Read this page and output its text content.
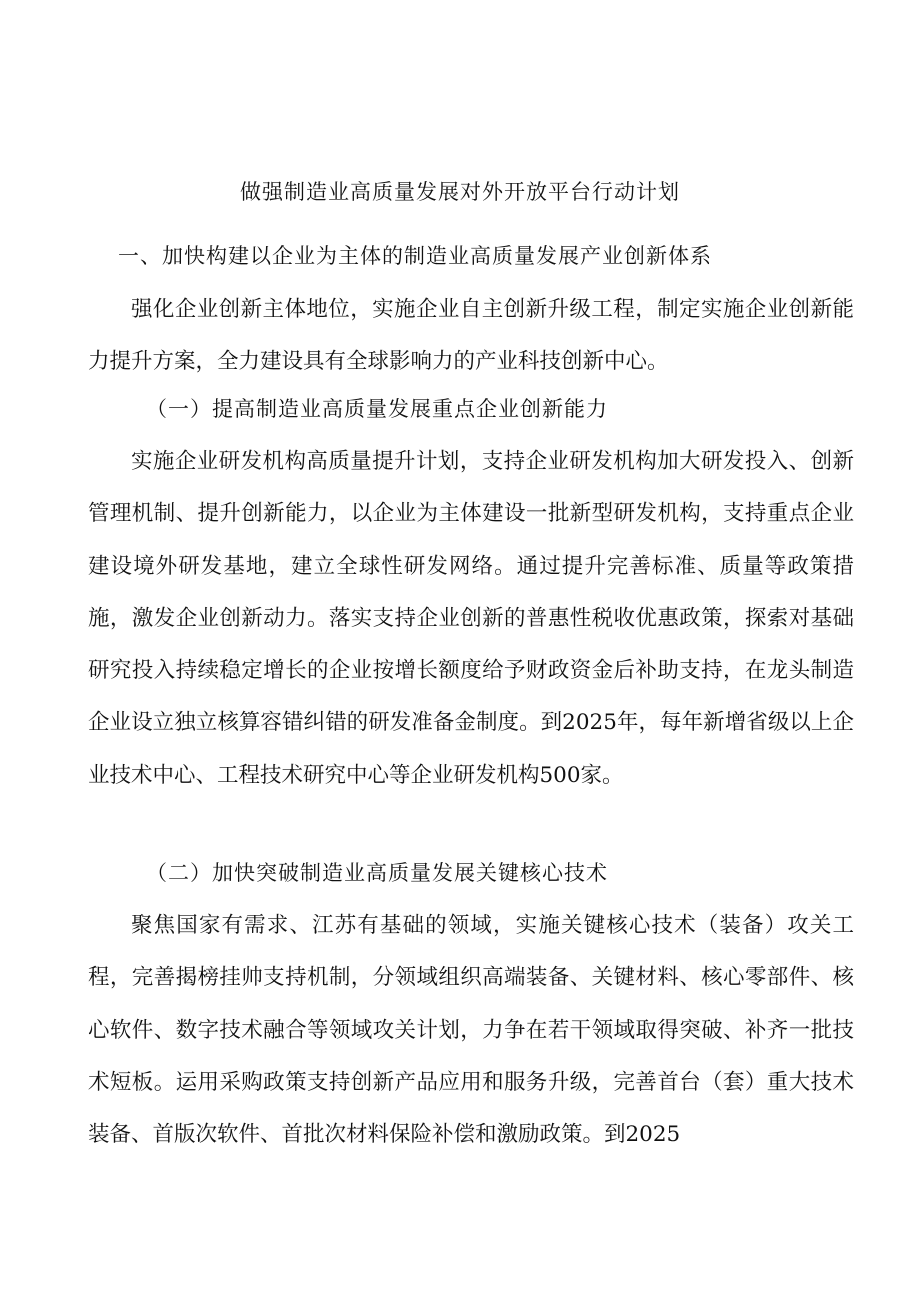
做强制造业高质量发展对外开放平台行动计划
一、加快构建以企业为主体的制造业高质量发展产业创新体系

强化企业创新主体地位，实施企业自主创新升级工程，制定实施企业创新能力提升方案，全力建设具有全球影响力的产业科技创新中心。

（一）提高制造业高质量发展重点企业创新能力

实施企业研发机构高质量提升计划，支持企业研发机构加大研发投入、创新管理机制、提升创新能力，以企业为主体建设一批新型研发机构，支持重点企业建设境外研发基地，建立全球性研发网络。通过提升完善标准、质量等政策措施，激发企业创新动力。落实支持企业创新的普惠性税收优惠政策，探索对基础研究投入持续稳定增长的企业按增长额度给予财政资金后补助支持，在龙头制造企业设立独立核算容错纠错的研发准备金制度。到2025年，每年新增省级以上企业技术中心、工程技术研究中心等企业研发机构500家。

（二）加快突破制造业高质量发展关键核心技术

聚焦国家有需求、江苏有基础的领域，实施关键核心技术（装备）攻关工程，完善揭榜挂帅支持机制，分领域组织高端装备、关键材料、核心零部件、核心软件、数字技术融合等领域攻关计划，力争在若干领域取得突破、补齐一批技术短板。运用采购政策支持创新产品应用和服务升级，完善首台（套）重大技术装备、首版次软件、首批次材料保险补偿和激励政策。到2025
